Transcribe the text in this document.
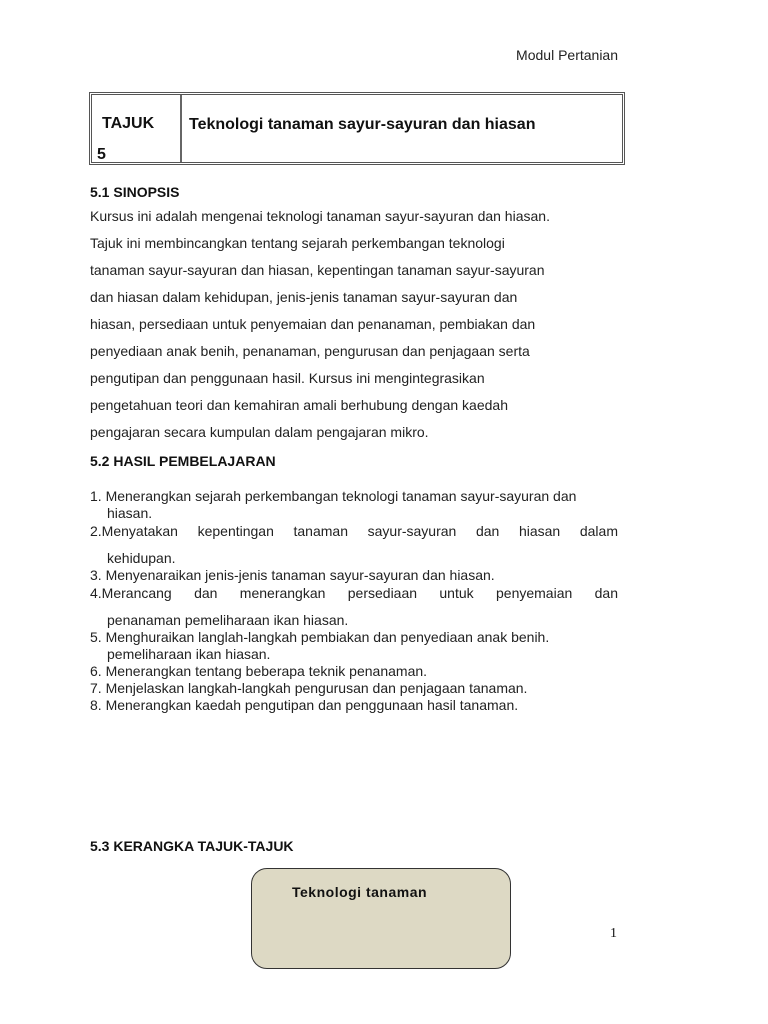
Modul Pertanian
TAJUK
5
Teknologi tanaman sayur-sayuran dan hiasan
5.1 SINOPSIS

Kursus ini adalah mengenai teknologi tanaman sayur-sayuran dan hiasan.

Tajuk ini membincangkan tentang sejarah perkembangan teknologi

tanaman sayur-sayuran dan hiasan, kepentingan tanaman sayur-sayuran

dan hiasan dalam kehidupan, jenis-jenis tanaman sayur-sayuran dan

hiasan, persediaan untuk penyemaian dan penanaman, pembiakan dan

penyediaan anak benih, penanaman, pengurusan dan penjagaan serta

pengutipan dan penggunaan hasil. Kursus ini mengintegrasikan

pengetahuan teori dan kemahiran amali berhubung dengan kaedah

pengajaran secara kumpulan dalam pengajaran mikro.

5.2 HASIL PEMBELAJARAN
1. Menerangkan sejarah perkembangan teknologi tanaman sayur-sayuran dan
hiasan.
2.Menyatakan kepentingan tanaman sayur-sayuran dan hiasan dalam
kehidupan.
3. Menyenaraikan jenis-jenis tanaman sayur-sayuran dan hiasan.
4.Merancang dan menerangkan persediaan untuk penyemaian dan
penanaman pemeliharaan ikan hiasan.
5. Menghuraikan langlah-langkah pembiakan dan penyediaan anak benih.
pemeliharaan ikan hiasan.
6. Menerangkan tentang beberapa teknik penanaman.
7. Menjelaskan langkah-langkah pengurusan dan penjagaan tanaman.
8. Menerangkan kaedah pengutipan dan penggunaan hasil tanaman.
5.3 KERANGKA TAJUK-TAJUK
Teknologi tanaman
1
